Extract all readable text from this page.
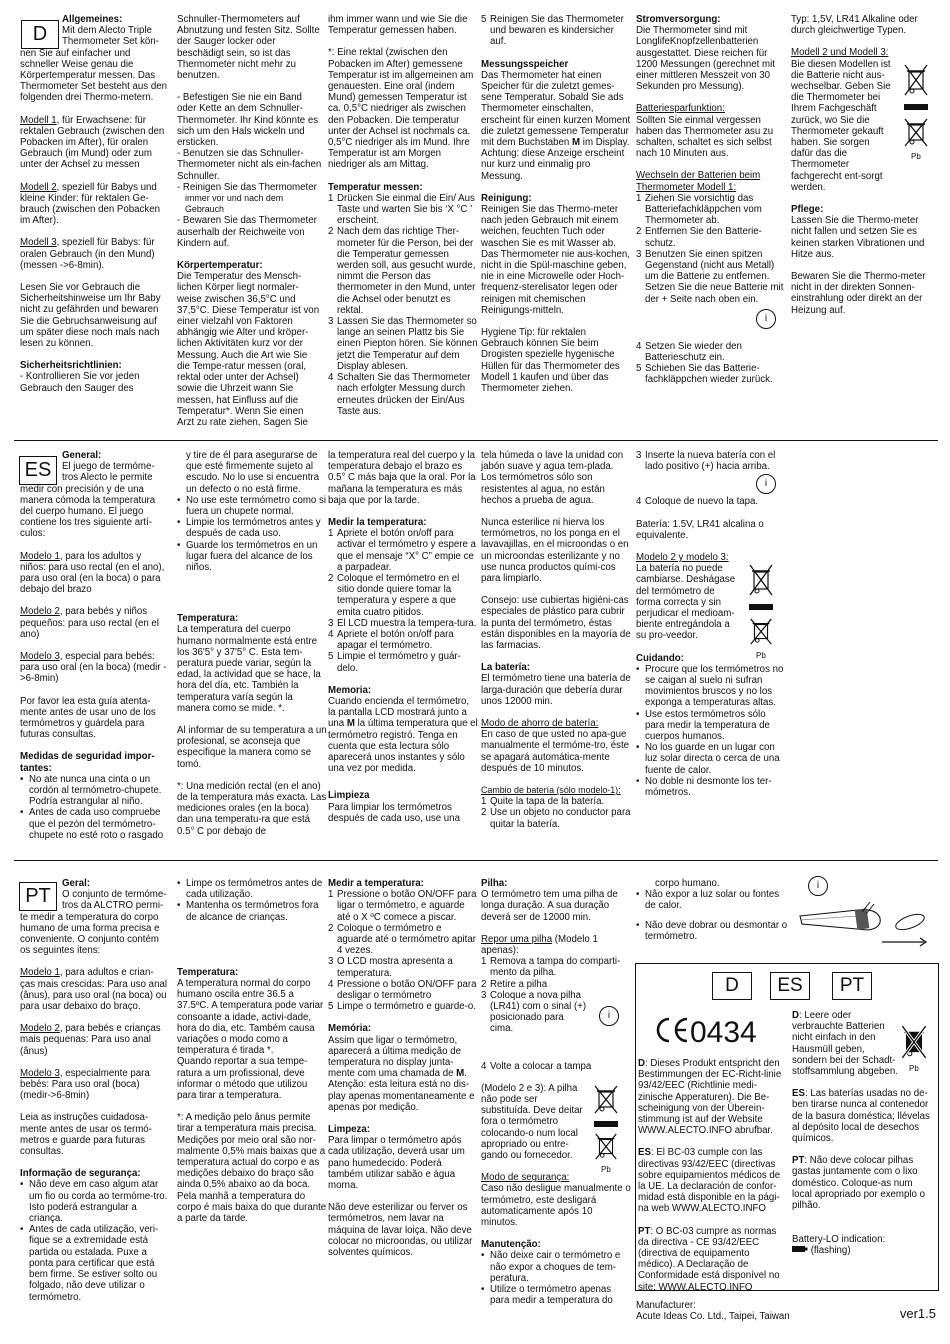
D
Allgemeines:
Mit dem Alecto Triple
Thermometer Set kön-

nen Sie auf einfacher und schneller Weise genau die Körpertemperatur messen. Das Thermometer Set besteht aus den folgenden drei Thermo-metern.

Modell 1, für Erwachsene: für rektalen Gebrauch (zwischen den Pobacken im After), für oralen Gebrauch (im Mund) oder zum unter der Achsel zu messen

Modell 2, speziell für Babys und kleine Kinder: für rektalen Ge-brauch (zwischen den Pobacken im After).

Modell 3, speziell für Babys: für oralen Gebrauch (in den Mund) (messen ->6-8min).

Lesen Sie vor Gebrauch die Sicherheitshinweise um Ihr Baby nicht zu gefährden und bewaren Sie die Gebruchsanweisung auf um später diese noch mals nach lesen zu können.

Sicherheitsrichtlinien:
- Kontrollieren Sie vor jeden Gebrauch den Sauger des

Schnuller-Thermometers auf Abnutzung und festen Sitz. Sollte der Sauger locker oder beschädigt sein, so ist das Thermometer nicht mehr zu benutzen.

- Befestigen Sie nie ein Band oder Kette an dem Schnuller-Thermometer. Ihr Kind könnte es sich um den Hals wickeln und ersticken.
- Benutzen sie das Schnuller-Thermometer nicht als ein-fachen Schnuller.
- Reinigen Sie das Thermometer
immer vor und nach dem Gebrauch

- Bewaren Sie das Thermometer auserhalb der Reichweite von Kindern auf.

Körpertemperatur:
Die Temperatur des Mensch-lichen Körper liegt normaler-weise zwischen 36,5°C und 37,5°C. Diese Temperatur ist von einer vielzahl von Faktoren abhängig wie Alter und kröper-lichen Aktivitäten kurz vor der Messung. Auch die Art wie Sie die Tempe-ratur messen (oral, rektal oder unter der Achsel) sowie die Uhrzeit wann Sie messen, hat Einfluss auf die Temperatur*. Wenn Sie einen Arzt zu rate ziehen, Sagen Sie

ihm immer wann und wie Sie die Temperatur gemessen haben.

*: Eine rektal (zwischen den Pobacken im After) gemessene Temperatur ist im allgemeinen am genauesten. Eine oral (indem Mund) gemessen Temperatur ist ca. 0,5°C niedriger als zwischen den Pobacken. Die temperatur unter der Achsel ist nochmals ca. 0,5°C niedriger als im Mund. Ihre Temperatur ist am Morgen niedriger als am Mittag.

Temperatur messen:
1 Drücken Sie einmal die Ein/ Aus Taste und warten Sie bis ‘X °C ’ erscheint.
2 Nach dem das richtige Ther-mometer für die Person, bei der die Temperatur gemessen werden soll, aus gesucht wurde, nimmt die Person das thermometer in den Mund, unter die Achsel oder benutzt es rektal.
3 Lassen Sie das Thermometer so lange an seinen Plattz bis Sie einen Piepton hören. Sie können jetzt die Temperatur auf dem Display ablesen.
4 Schalten Sie das Thermometer nach erfolgter Messung durch erneutes drücken der Ein/Aus Taste aus.

5 Reinigen Sie das Thermometer und bewaren es kindersicher auf.

Messungsspeicher

Das Thermometer hat einen Speicher für die zuletzt gemes-sene Temperatur. Sobald Sie ads Thermometer einschalten, erscheint für einen kurzen Moment die zuletzt gemessene Temperatur mit dem Buchstaben M im Display. Achtung: diese Anzeige erscheint nur kurz und einmalig pro Messung.

Reinigung:

Reinigen Sie das Thermo-meter nach jeden Gebrauch mit einem weichen, feuchten Tuch oder waschen Sie es mit Wasser ab. Das Thermometer nie aus-kochen, nicht in die Spül-maschine geben, nie in eine Microwelle oder Hoch-frequenz-sterelisator legen oder reinigen mit chemischen Reinigungs-mitteln.

Hygiene Tip: für rektalen Gebrauch können Sie beim Drogisten spezielle hygenische Hüllen für das Thermometer des Modell 1 kaufen und über das Thermometer ziehen.

Stromversorgung:

Die Thermometer sind mit LonglifeKnopfzellenbatterien ausgestattet. Diese reichen für 1200 Messungen (gerechnet mit einer mittleren Messzeit von 30 Sekunden pro Messung).

Batteriesparfunktion:

Sollten Sie einmal vergessen haben das Thermometer asu zu schalten, schaltet es sich selbst nach 10 Minuten aus.

Wechseln der Batterien beim Thermometer Modell 1:
1 Ziehen Sie vorsichtig das Batteriefachkläppchen vom Thermometer ab.
2 Entfernen Sie den Batterie-schutz.
3 Benutzen Sie einen spitzen Gegenstand (nicht aus Metall) um die Batterie zu entfernen. Setzen Sie die neue Batterie mit der + Seite nach oben ein.
i
4 Setzen Sie wieder den Batterieschutz ein.
5 Schieben Sie das Batterie-fachkläppchen wieder zurück.

Typ: 1,5V, LR41 Alkaline oder durch gleichwertige Typen.

Modell 2 und Modell 3:
Bie diesen Modellen ist die Batterie nicht aus-wechselbar. Geben Sie die Thermometer bei Ihrem Fachgeschäft zurück, wo Sie die Thermometer gekauft haben. Sie sorgen dafür das die Thermometer fachgerecht ent-sorgt werden.
Pb

Pflege:

Lassen Sie die Thermo-meter nicht fallen und setzen Sie es keinen starken Vibrationen und Hitze aus.

Bewaren Sie die Thermo-meter nicht in der direkten Sonnen-einstrahlung oder direkt an der Heizung auf.

ES
General:
El juego de termóme-
tros Alecto le permite

medir con precisión y de una manera cómoda la temperatura del cuerpo humano. El juego contiene los tres siguiente artí-culos:

Modelo 1, para los adultos y niños: para uso rectal (en el ano), para uso oral (en la boca) o para debajo del brazo

Modelo 2, para bebés y niños pequeños: para uso rectal (en el ano)

Modelo 3, especial para bebés: para uso oral (en la boca) (medir ->6-8min)

Por favor lea esta guía atenta-mente antes de usar uno de los termómetros y guárdela para futuras consultas.

Medidas de seguridad impor-tantes:
• No ate nunca una cinta o un cordón al termómetro-chupete. Podría estrangular al niño.
• Antes de cada uso compruebe que el pezón del termómetro-chupete no esté roto o rasgado
y tire de él para asegurarse de que esté firmemente sujeto al escudo. No lo use si encuentra un defecto o no está firme.
• No use este termómetro como si fuera un chupete normal.
• Limpie los termómetros antes y después de cada uso.
• Guarde los termómetros en un lugar fuera del alcance de los niños.
Temperatura:

La temperatura del cuerpo humano normalmente está entre los 36'5° y 37'5° C. Esta tem-peratura puede variar, según la edad, la actividad que se hace, la hora del día, etc. También la temperatura varía según la manera como se mide. *.

Al informar de su temperatura a un profesional, se aconseja que especifique la manera como se tomó.

*: Una medición rectal (en el ano) de la temperatura más exacta. Las mediciones orales (en la boca) dan una temperatu-ra que está 0.5° C por debajo de

la temperatura real del cuerpo y la temperatura debajo el brazo es 0.5° C más baja que la oral. Por la mañana la temperatura es más baja que por la tarde.

Medir la temperatura:
1 Apriete el botón on/off para activar el termómetro y espere a que el mensaje “X° C” empie ce a parpadear.
2 Coloque el termómetro en el sitio donde quiere tomar la temperatura y espere a que emita cuatro pitidos.
3 El LCD muestra la tempera-tura.
4 Apriete el botón on/off para apagar el termómetro.

5 Limpie el termómetro y guár-delo.

Memoria:

Cuando encienda el termómetro, la pantalla LCD mostrará junto a una M la última temperatura que el termómetro registró. Tenga en cuenta que esta lectura sólo aparecerá unos instantes y sólo una vez por medida.

Limpieza
Para limpiar los termómetros después de cada uso, use una

tela húmeda o lave la unidad con jabón suave y agua tem-plada. Los termómetros sólo son resistentes al agua, no están hechos a prueba de agua.

Nunca esterilice ni hierva los termómetros, no los ponga en el lavavajillas, en el microondas o en un microondas esterilizante y no use nunca productos quími-cos para limpiarlo.

Consejo: use cubiertas higiéni-cas especiales de plástico para cubrir la punta del termómetro, éstas están disponibles en la mayoría de las farmacias.

La batería:

El termómetro tiene una batería de larga-duración que debería durar unos 12000 min.

Modo de ahorro de batería:

En caso de que usted no apa-gue manualmente el termóme-tro, éste se apagará automática-mente después de 10 minutos.

Cambio de batería (sólo modelo-1):
1 Quite la tapa de la batería.
2 Use un objeto no conductor para quitar la batería.
3 Inserte la nueva batería con el lado positivo (+) hacia arriba.
i

4 Coloque de nuevo la tapa.

Batería: 1.5V, LR41 alcalina o equivalente.

Modelo 2 y modelo 3:

La batería no puede cambiarse. Deshágase del termómetro de forma correcta y sin perjudicar el medioam-biente entregándola a su pro-veedor.

Pb
Cuidando:
• Procure que los termómetros no se caigan al suelo ni sufran movimientos bruscos y no los exponga a temperaturas altas.
• Use estos termómetros sólo para medir la temperatura de cuerpos humanos.
• No los guarde en un lugar con luz solar directa o cerca de una fuente de calor.
• No doble ni desmonte los ter-mómetros.
PT
Geral:
O conjunto de termóme-
tros da ALCTRO permi-

te medir a temperatura do corpo humano de uma forma precisa e conveniente. O conjunto contém os seguintes itens:

Modelo 1, para adultos e crian-ças mais crescidas: Para uso anal (ânus), para uso oral (na boca) ou para usar debaixo do braço.

Modelo 2, para bebés e crianças mais pequenas: Para uso anal (ânus)

Modelo 3, especialmente para bebés: Para uso oral (boca)(medir->6-8min)

Leia as instruções cuidadosa-mente antes de usar os termó-metros e guarde para futuras consultas.

Informação de segurança:
• Não deve em caso algum atar um fio ou corda ao termóme-tro. Isto poderá estrangular a criança.
• Antes de cada utilização, veri-fique se a extremidade está partida ou estalada. Puxe a ponta para certificar que está bem firme. Se estiver solto ou folgado, não deve utilizar o termómetro.
• Limpe os termómetros antes de cada utilização.
• Mantenha os termómetros fora de alcance de crianças.
Temperatura:
A temperatura normal do corpo humano oscila entre 36.5 a 37.5ºC. A temperatura pode variar consoante a idade, activi-dade, hora do dia, etc. Também causa variações o modo como a temperatura é tirada *.

Quando reportar a sua tempe-ratura a um profissional, deve informar o método que utilizou para tirar a temperatura.

*: A medição pelo ânus permite tirar a temperatura mais precisa. Medições por meio oral são nor-malmente 0,5% mais baixas que a temperatura actual do corpo e as medições debaixo do braço são ainda 0,5% abaixo ao da boca. Pela manhã a temperatura do corpo é mais baixa do que durante a parte da tarde.
Medir a temperatura:
1 Pressione o botão ON/OFF para ligar o termómetro, e aguarde até o X ºC comece a piscar.
2 Coloque o termómetro e aguarde até o termómetro apitar 4 vezes.
3 O LCD mostra apresenta a temperatura.
4 Pressione o botão ON/OFF para desligar o termómetro

5 Limpe o termómetro e guarde-o.

Memória:

Assim que ligar o termómetro, aparecerá a última medição de temperatura no display junta-mente com uma chamada de M. Atenção: esta leitura está no dis-play apenas momentaneamente e apenas por medição.

Limpeza:

Para limpar o termómetro após cada utilização, deverá usar um pano humedecido. Poderá também utilizar sabão e água morna.

Não deve esterilizar ou ferver os termómetros, nem lavar na máquina de lavar loiça. Não deve colocar no microondas, ou utilizar solventes químicos.
Pilha:

O termómetro tem uma pilha de longa duração. A sua duração deverá ser de 12000 min.

Repor uma pilha (Modelo 1 apenas):
1 Remova a tampa do comparti-mento da pilha.
2 Retire a pilha
3 Coloque a nova pilha (LR41) com o sinal (+) posicionado para cima.
i

4 Volte a colocar a tampa

(Modelo 2 e 3): A pilha não pode ser substituída. Deve deitar fora o termómetro colocando-o num local apropriado ou entre-gando ou fornecedor.

Pb
Modo de segurança:

Caso não desligue manualmente o termómetro, este desligará automaticamente após 10 minutos.

Manutenção:
• Não deixe cair o termómetro e não expor a choques de tem-peratura.
• Utilize o termómetro apenas para medir a temperatura do
corpo humano.
• Não expor a luz solar ou fontes de calor.
• Não deve dobrar ou desmontar o termómetro.
i
D	ES	PT
0434

D: Dieses Produkt entspricht den Bestimmungen der EC-Richt-linie 93/42/EEC (Richtlinie medi-zinische Apperaturen). Die Be-scheinigung von der Überein-stimmung ist auf der Website WWW.ALECTO.INFO abrufbar.

ES: El BC-03 cumple con las directivas 93/42/EEC (directivas sobre equipamientos médicos de la UE. La declaración de confor-midad está disponible en la pági-na web WWW.ALECTO.INFO

PT: O BC-03 cumpre as normas da directiva - CE 93/42/EEC (directiva de equipamento médico). A Declaração de Conformidade está disponível no site: WWW.ALECTO.INFO

D: Leere oder verbrauchte Batterien nicht einfach in den Hausmüll geben, sondern bei der Schadt-stoffsammlung abgeben.	Pb

ES: Las baterías usadas no de-ben tirarse nunca al contenedor de la basura doméstica; llévelas al depósito local de desechos químicos.

PT: Não deve colocar pilhas gastas juntamente com o lixo doméstico. Coloque-as num local apropriado por exemplo o pilhão.

Battery-LO indication:
(flashing)
Manufacturer:
Acute Ideas Co. Ltd., Taipei, Taiwan	ver1.5
